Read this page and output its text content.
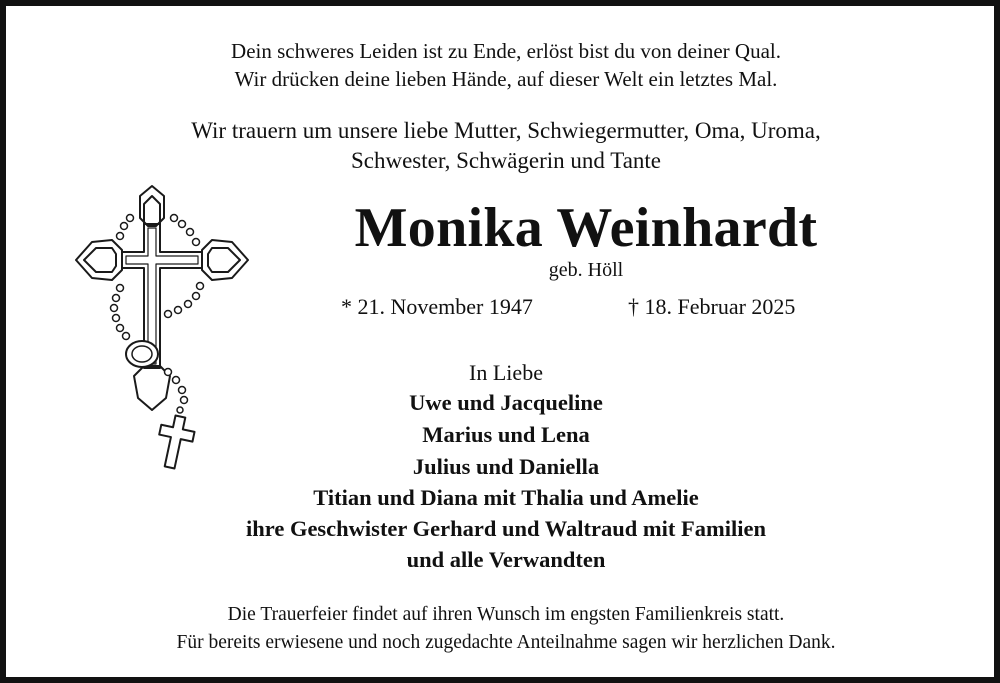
Dein schweres Leiden ist zu Ende, erlöst bist du von deiner Qual.
Wir drücken deine lieben Hände, auf dieser Welt ein letztes Mal.
Wir trauern um unsere liebe Mutter, Schwiegermutter, Oma, Uroma,
Schwester, Schwägerin und Tante
Monika Weinhardt
geb. Höll
* 21. November 1947	† 18. Februar 2025
In Liebe
Uwe und Jacqueline
Marius und Lena
Julius und Daniella
Titian und Diana mit Thalia und Amelie
ihre Geschwister Gerhard und Waltraud mit Familien
und alle Verwandten
Die Trauerfeier findet auf ihren Wunsch im engsten Familienkreis statt.
Für bereits erwiesene und noch zugedachte Anteilnahme sagen wir herzlichen Dank.
